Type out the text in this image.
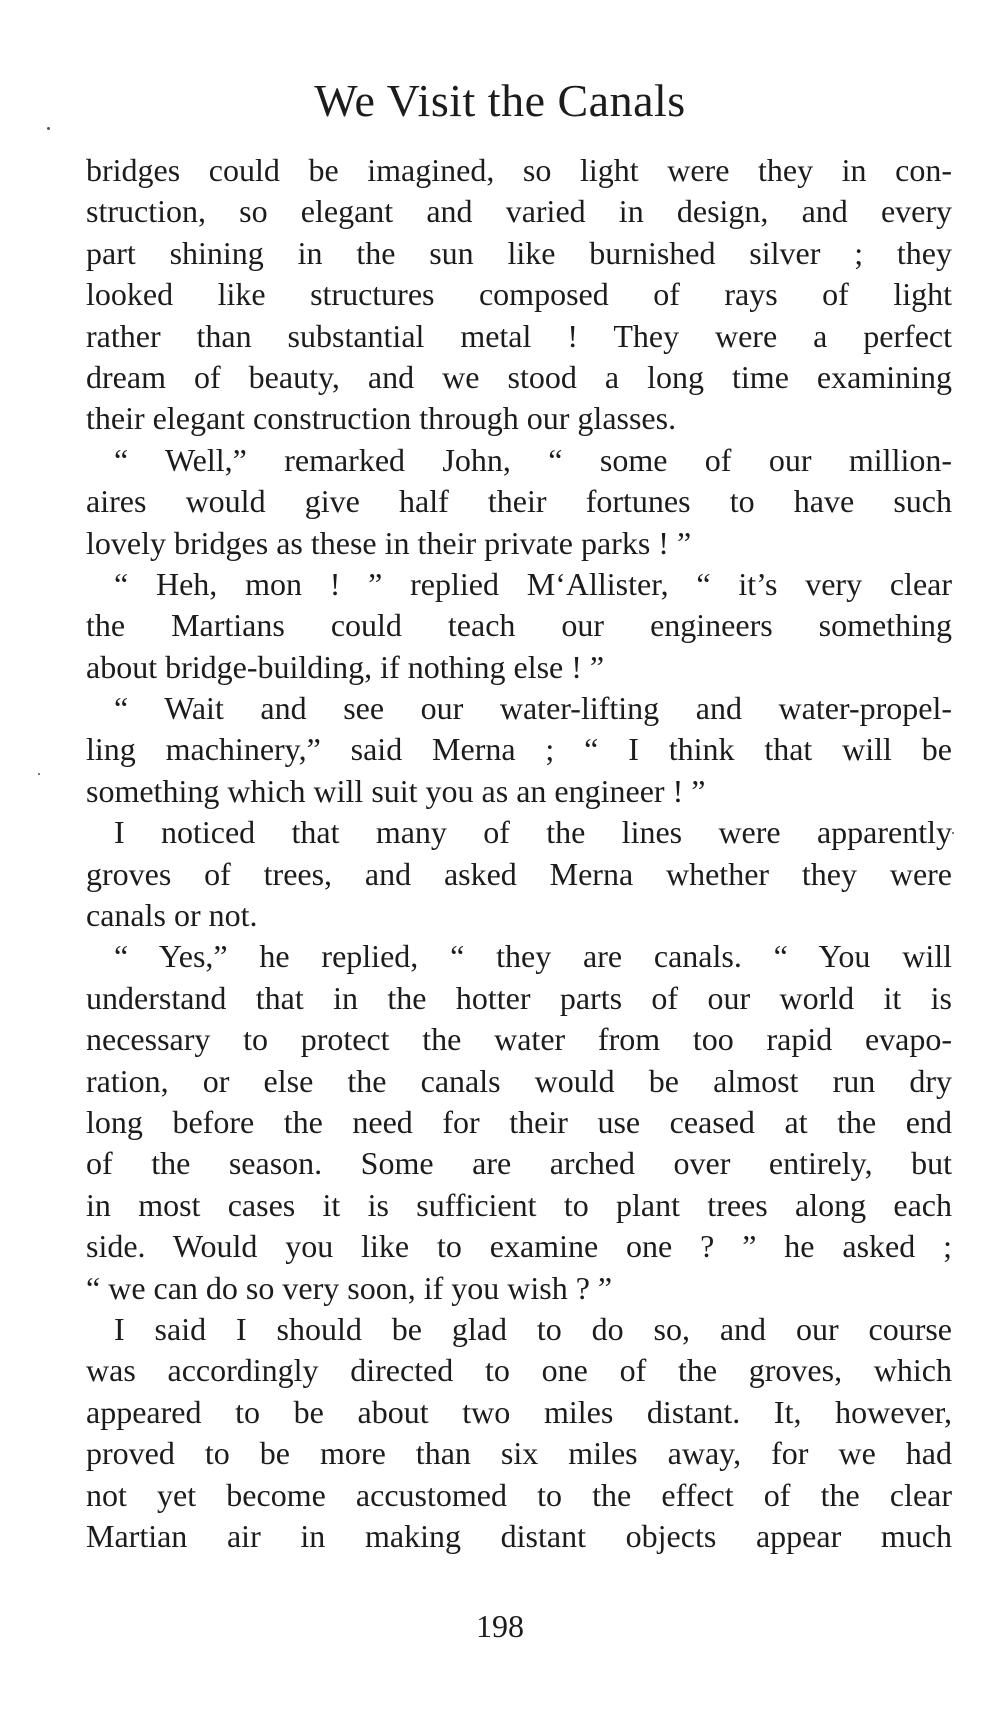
We Visit the Canals
bridges could be imagined, so light were they in con-
struction, so elegant and varied in design, and every
part shining in the sun like burnished silver ; they
looked like structures composed of rays of light
rather than substantial metal ! They were a perfect
dream of beauty, and we stood a long time examining
their elegant construction through our glasses.
“ Well,” remarked John, “ some of our million-
aires would give half their fortunes to have such
lovely bridges as these in their private parks ! ”
“ Heh, mon ! ” replied M‘Allister, “ it’s very clear
the Martians could teach our engineers something
about bridge-building, if nothing else ! ”
“ Wait and see our water-lifting and water-propel-
ling machinery,” said Merna ; “ I think that will be
something which will suit you as an engineer ! ”
I noticed that many of the lines were apparently
groves of trees, and asked Merna whether they were
canals or not.
“ Yes,” he replied, “ they are canals. “ You will
understand that in the hotter parts of our world it is
necessary to protect the water from too rapid evapo-
ration, or else the canals would be almost run dry
long before the need for their use ceased at the end
of the season. Some are arched over entirely, but
in most cases it is sufficient to plant trees along each
side. Would you like to examine one ? ” he asked ;
“ we can do so very soon, if you wish ? ”
I said I should be glad to do so, and our course
was accordingly directed to one of the groves, which
appeared to be about two miles distant. It, however,
proved to be more than six miles away, for we had
not yet become accustomed to the effect of the clear
Martian air in making distant objects appear much
198
